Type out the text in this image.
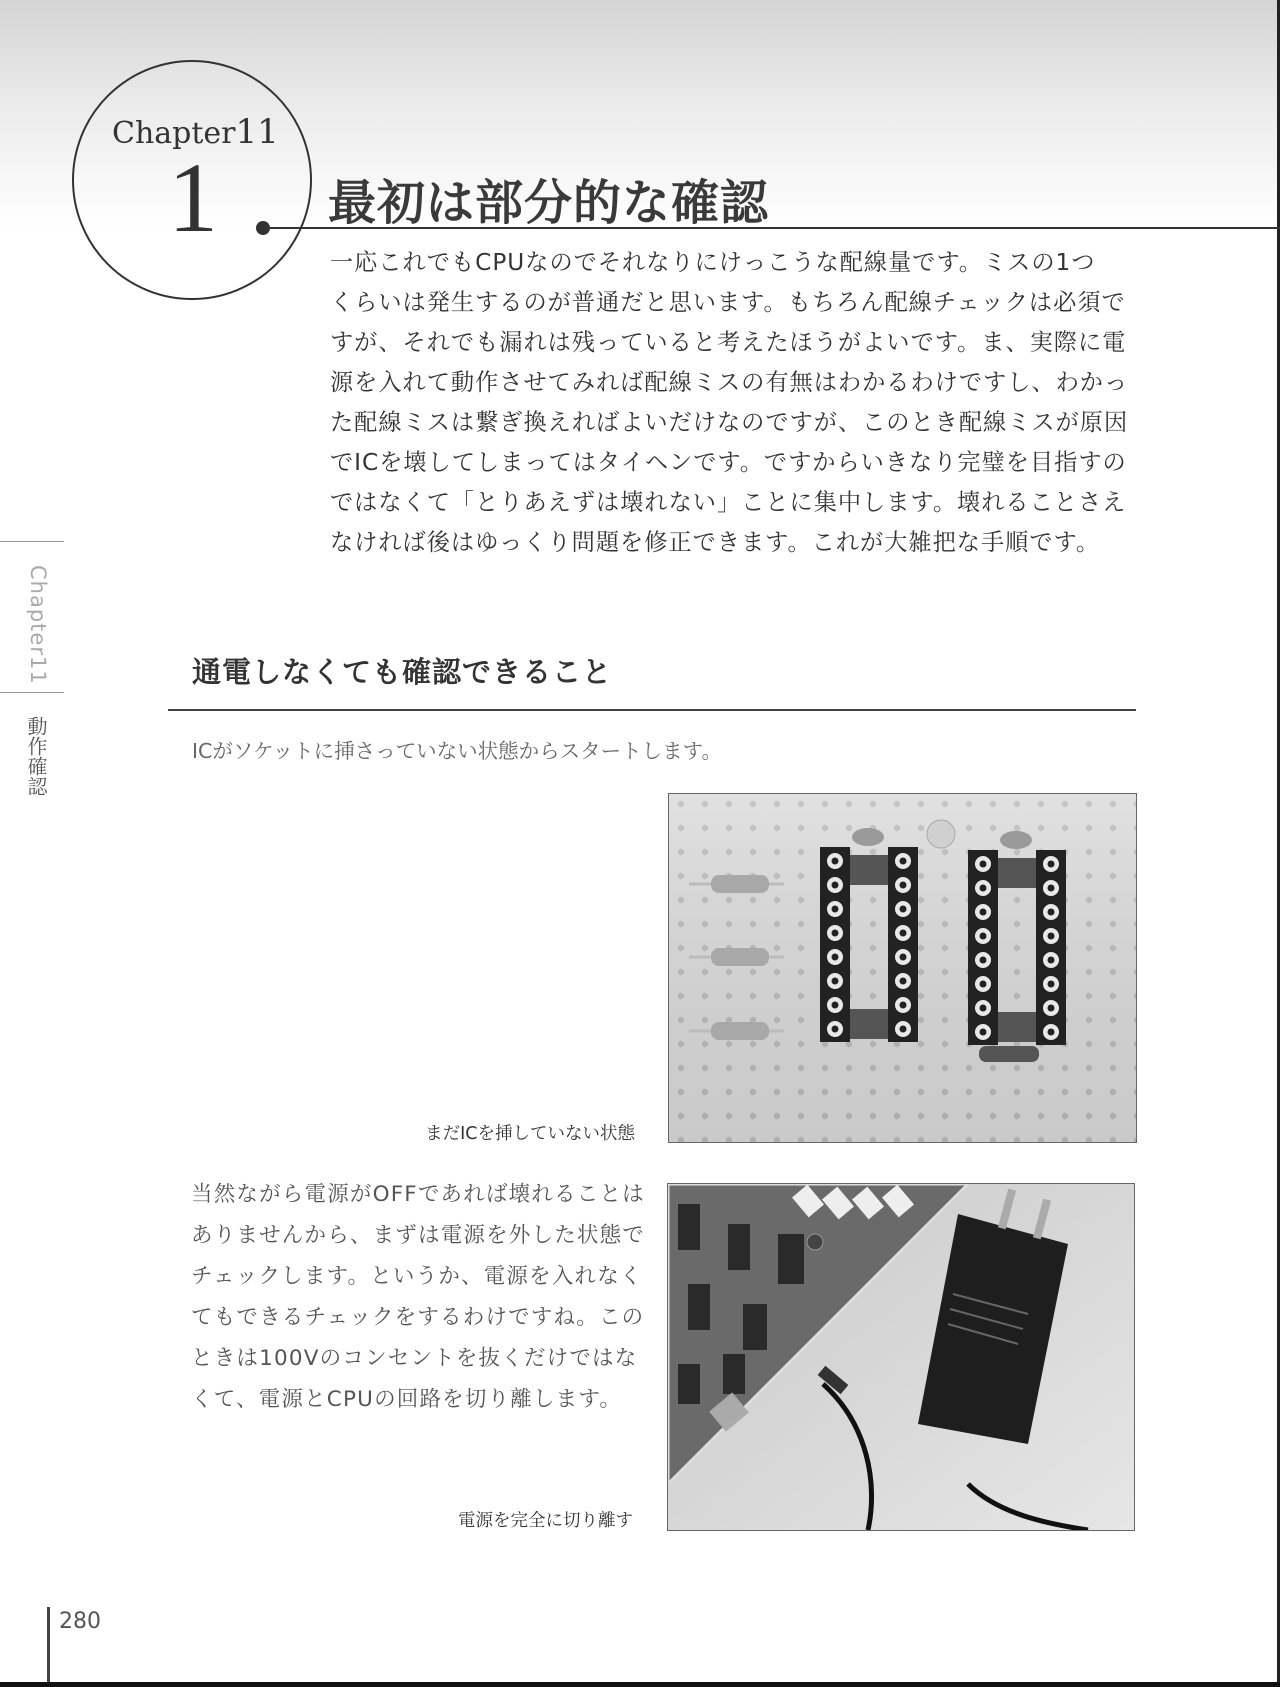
Chapter11
1 最初は部分的な確認
一応これでもCPUなのでそれなりにけっこうな配線量です。ミスの1つ
くらいは発生するのが普通だと思います。もちろん配線チェックは必須で
すが、それでも漏れは残っていると考えたほうがよいです。ま、実際に電
源を入れて動作させてみれば配線ミスの有無はわかるわけですし、わかっ
た配線ミスは繋ぎ換えればよいだけなのですが、このとき配線ミスが原因
でICを壊してしまってはタイヘンです。ですからいきなり完璧を目指すの
ではなくて「とりあえずは壊れない」ことに集中します。壊れることさえ
なければ後はゆっくり問題を修正できます。これが大雑把な手順です。
Chapter11
動作確認
通電しなくても確認できること
ICがソケットに挿さっていない状態からスタートします。
まだICを挿していない状態
当然ながら電源がOFFであれば壊れることは
ありませんから、まずは電源を外した状態で
チェックします。というか、電源を入れなく
てもできるチェックをするわけですね。この
ときは100Vのコンセントを抜くだけではな
くて、電源とCPUの回路を切り離します。
電源を完全に切り離す
280
